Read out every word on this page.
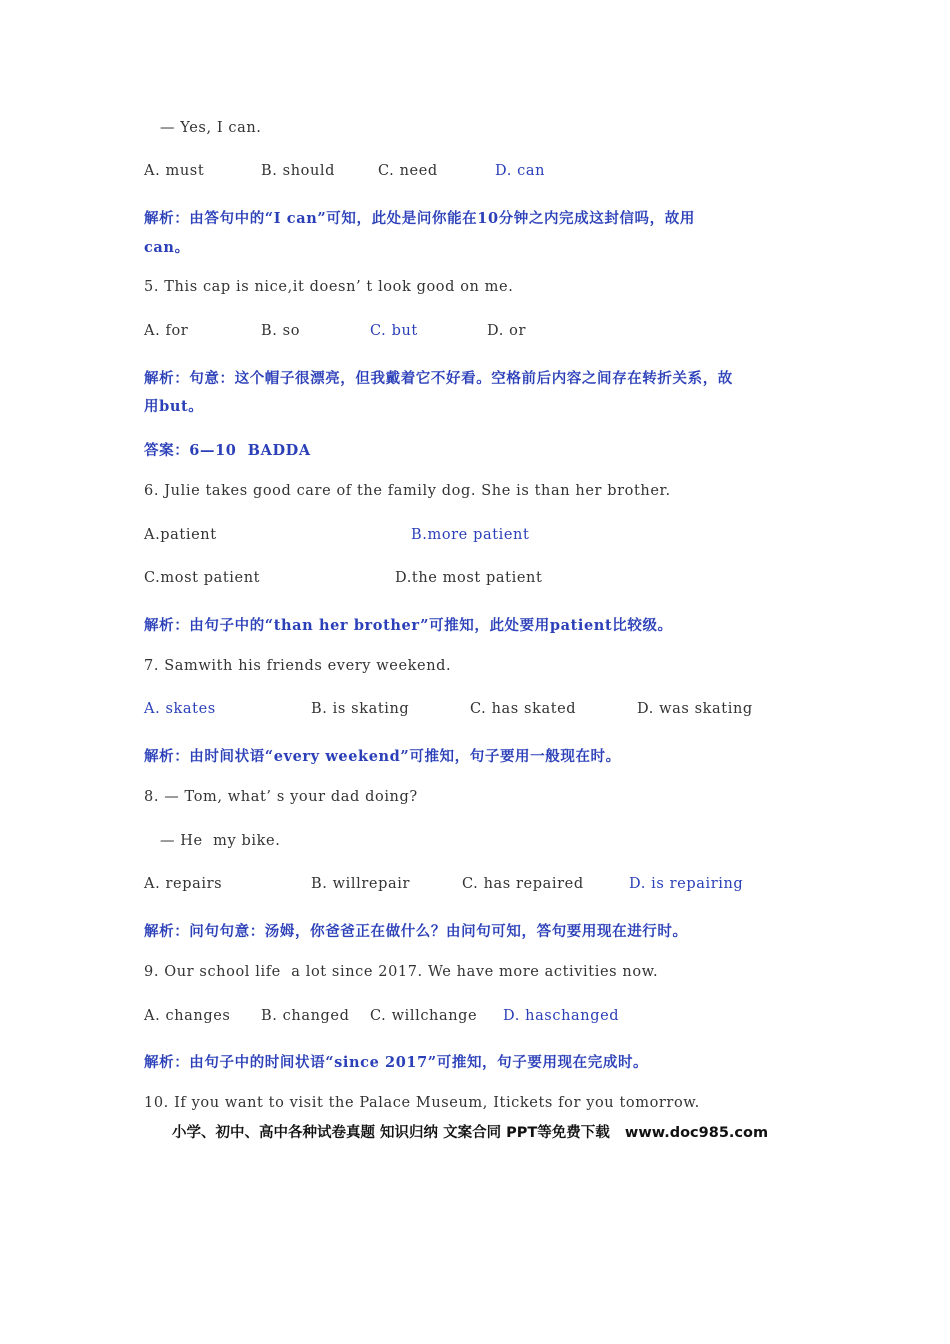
— Yes, I can.
A. must	B. should	C. need	D. can
解析：由答句中的“I can”可知，此处是问你能在10分钟之内完成这封信吗，故用
can。
5. This cap is nice,it doesn’ t look good on me.
A. for	B. so	C. but	D. or
解析：句意：这个帽子很漂亮，但我戴着它不好看。空格前后内容之间存在转折关系，故
用but。
答案：6—10  BADDA
6. Julie takes good care of the family dog. She is than her brother.
A.patient	B.more patient
C.most patient	D.the most patient
解析：由句子中的“than her brother”可推知，此处要用patient比较级。
7. Samwith his friends every weekend.
A. skates	B. is skating	C. has skated	D. was skating
解析：由时间状语“every weekend”可推知，句子要用一般现在时。
8. — Tom, what’ s your dad doing?
— He  my bike.
A. repairs	B. willrepair	C. has repaired	D. is repairing
解析：问句句意：汤姆，你爸爸正在做什么？由问句可知，答句要用现在进行时。
9. Our school life  a lot since 2017. We have more activities now.
A. changes B. changed C. willchange D. haschanged
解析：由句子中的时间状语“since 2017”可推知，句子要用现在完成时。
10. If you want to visit the Palace Museum, Itickets for you tomorrow.
小学、初中、高中各种试卷真题 知识归纳 文案合同 PPT等免费下载   www.doc985.com
